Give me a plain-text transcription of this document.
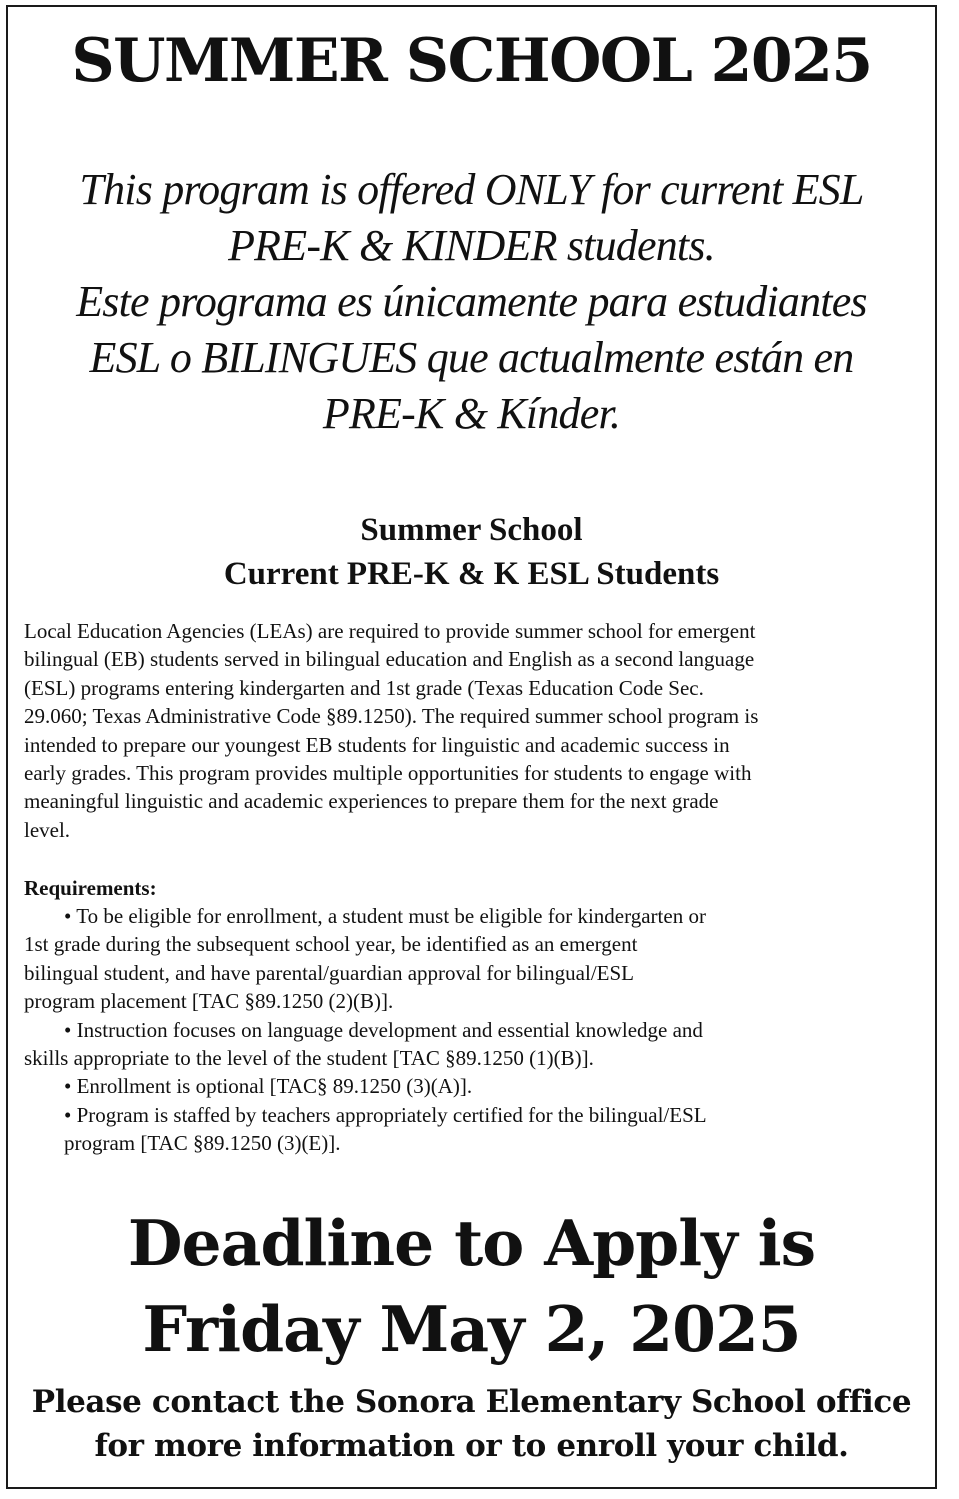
SUMMER SCHOOL 2025
This program is offered ONLY for current ESL
PRE-K & KINDER students.
Este programa es únicamente para estudiantes
ESL o BILINGUES que actualmente están en
PRE-K & Kínder.
Summer School
Current PRE-K & K ESL Students
Local Education Agencies (LEAs) are required to provide summer school for emergent
bilingual (EB) students served in bilingual education and English as a second language
(ESL) programs entering kindergarten and 1st grade (Texas Education Code Sec.
29.060; Texas Administrative Code §89.1250). The required summer school program is
intended to prepare our youngest EB students for linguistic and academic success in
early grades. This program provides multiple opportunities for students to engage with
meaningful linguistic and academic experiences to prepare them for the next grade
level.
Requirements:
• To be eligible for enrollment, a student must be eligible for kindergarten or
1st grade during the subsequent school year, be identified as an emergent
bilingual student, and have parental/guardian approval for bilingual/ESL
program placement [TAC §89.1250 (2)(B)].
• Instruction focuses on language development and essential knowledge and
skills appropriate to the level of the student [TAC §89.1250 (1)(B)].
• Enrollment is optional [TAC§ 89.1250 (3)(A)].
• Program is staffed by teachers appropriately certified for the bilingual/ESL
program [TAC §89.1250 (3)(E)].
Deadline to Apply is
Friday May 2, 2025
Please contact the Sonora Elementary School office
for more information or to enroll your child.
